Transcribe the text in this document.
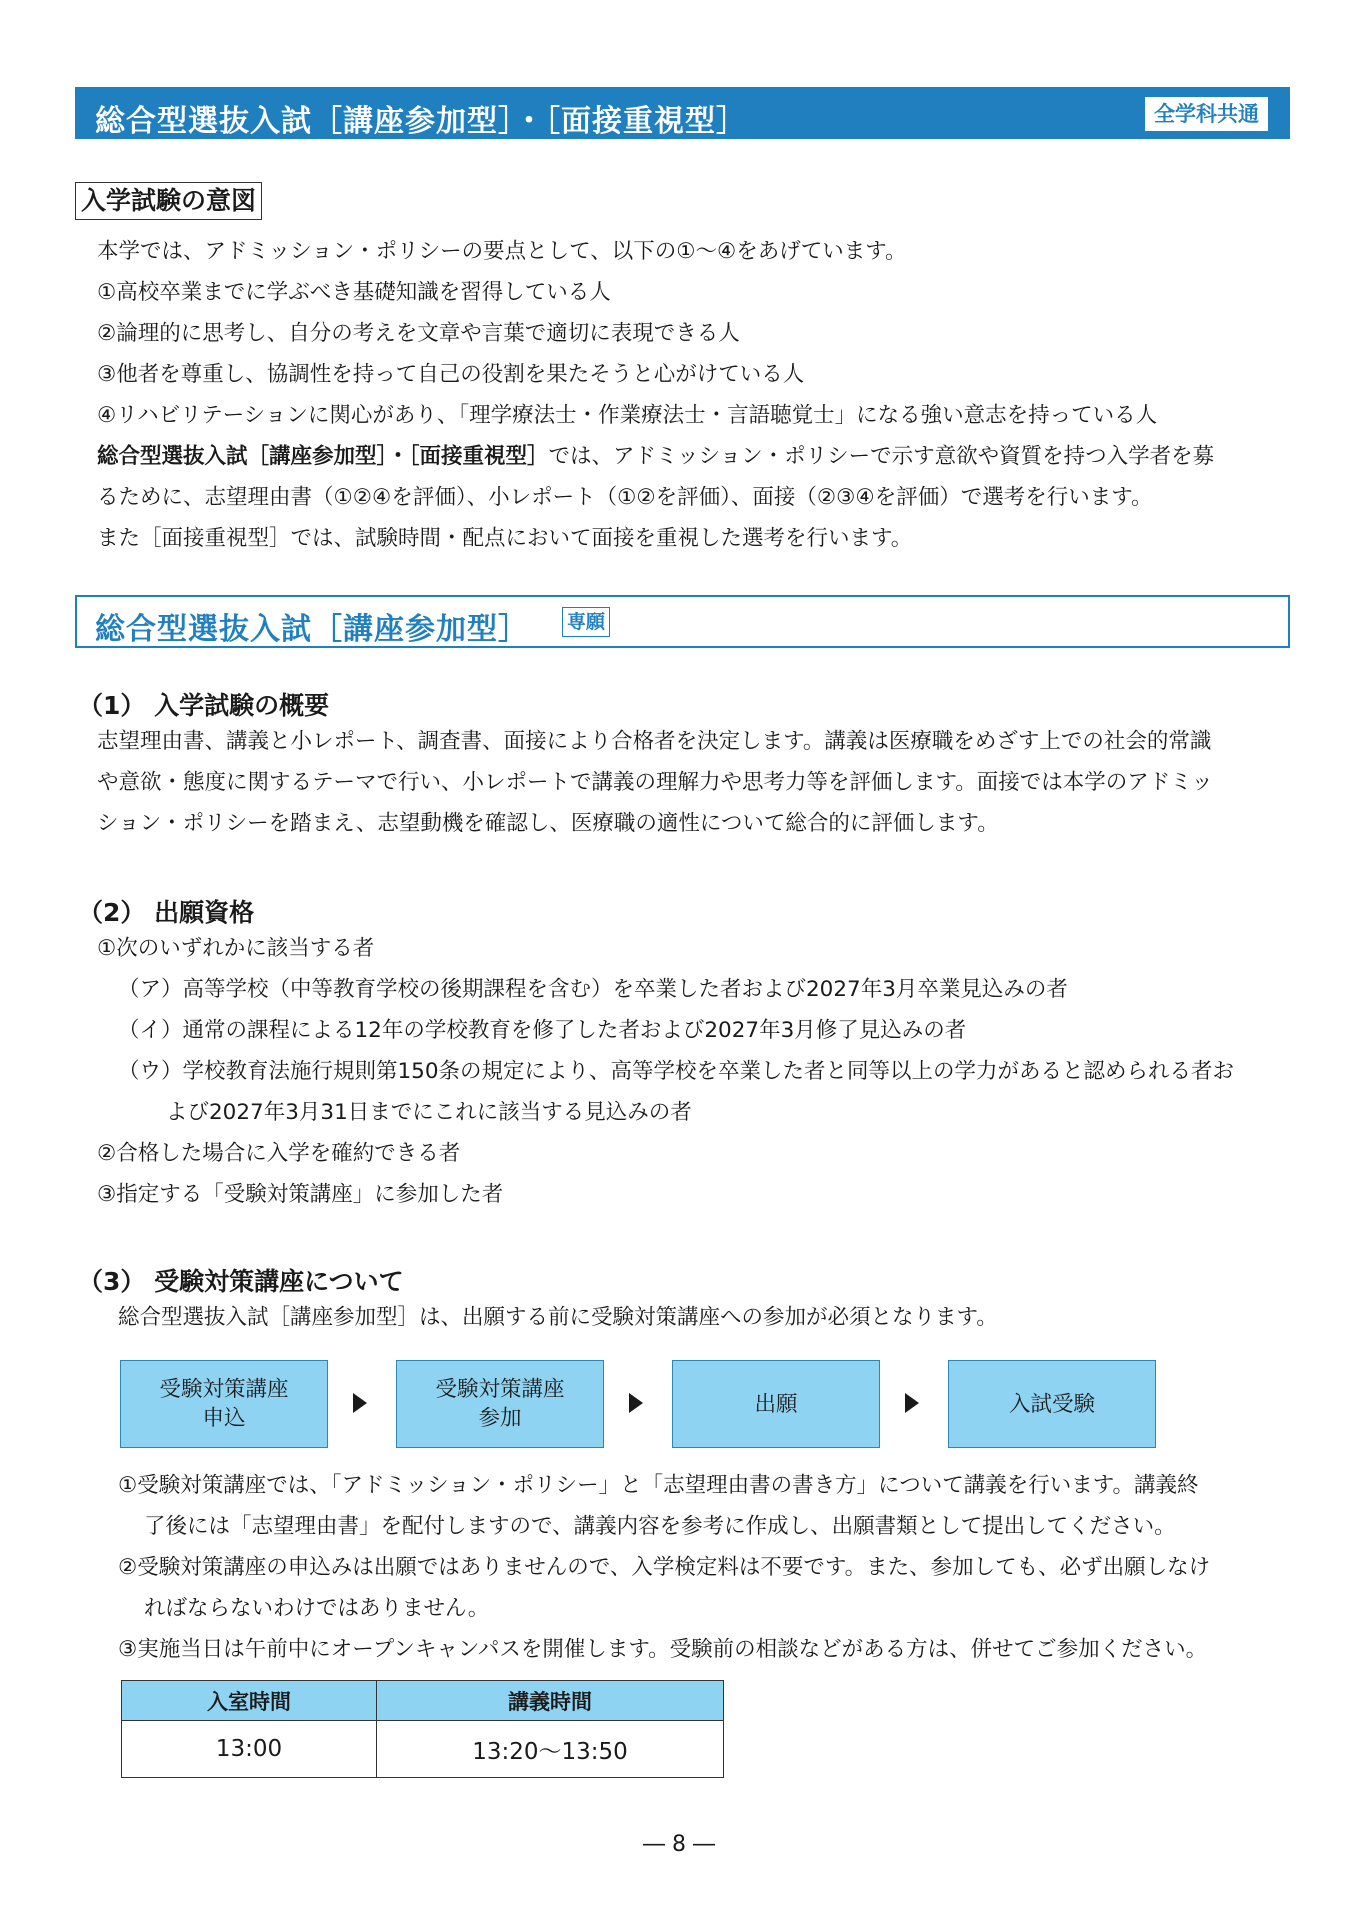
総合型選抜入試［講座参加型］・［面接重視型］	全学科共通
入学試験の意図
本学では、アドミッション・ポリシーの要点として、以下の①〜④をあげています。
①高校卒業までに学ぶべき基礎知識を習得している人
②論理的に思考し、自分の考えを文章や言葉で適切に表現できる人
③他者を尊重し、協調性を持って自己の役割を果たそうと心がけている人
④リハビリテーションに関心があり、「理学療法士・作業療法士・言語聴覚士」になる強い意志を持っている人
総合型選抜入試［講座参加型］・［面接重視型］では、アドミッション・ポリシーで示す意欲や資質を持つ入学者を募
るために、志望理由書（①②④を評価）、小レポート（①②を評価）、面接（②③④を評価）で選考を行います。
また［面接重視型］では、試験時間・配点において面接を重視した選考を行います。
総合型選抜入試［講座参加型］ 専願
（1） 入学試験の概要
志望理由書、講義と小レポート、調査書、面接により合格者を決定します。講義は医療職をめざす上での社会的常識
や意欲・態度に関するテーマで行い、小レポートで講義の理解力や思考力等を評価します。面接では本学のアドミッ
ション・ポリシーを踏まえ、志望動機を確認し、医療職の適性について総合的に評価します。
（2） 出願資格
①次のいずれかに該当する者
（ア）高等学校（中等教育学校の後期課程を含む）を卒業した者および2027年3月卒業見込みの者
（イ）通常の課程による12年の学校教育を修了した者および2027年3月修了見込みの者
（ウ）学校教育法施行規則第150条の規定により、高等学校を卒業した者と同等以上の学力があると認められる者お
よび2027年3月31日までにこれに該当する見込みの者
②合格した場合に入学を確約できる者
③指定する「受験対策講座」に参加した者
（3） 受験対策講座について
総合型選抜入試［講座参加型］は、出願する前に受験対策講座への参加が必須となります。
受験対策講座
申込
受験対策講座
参加
出願	入試受験
①受験対策講座では、「アドミッション・ポリシー」と「志望理由書の書き方」について講義を行います。講義終
了後には「志望理由書」を配付しますので、講義内容を参考に作成し、出願書類として提出してください。
②受験対策講座の申込みは出願ではありませんので、入学検定料は不要です。また、参加しても、必ず出願しなけ
ればならないわけではありません。
③実施当日は午前中にオープンキャンパスを開催します。受験前の相談などがある方は、併せてご参加ください。
入室時間	講義時間
13:00	13:20〜13:50
― 8 ―
